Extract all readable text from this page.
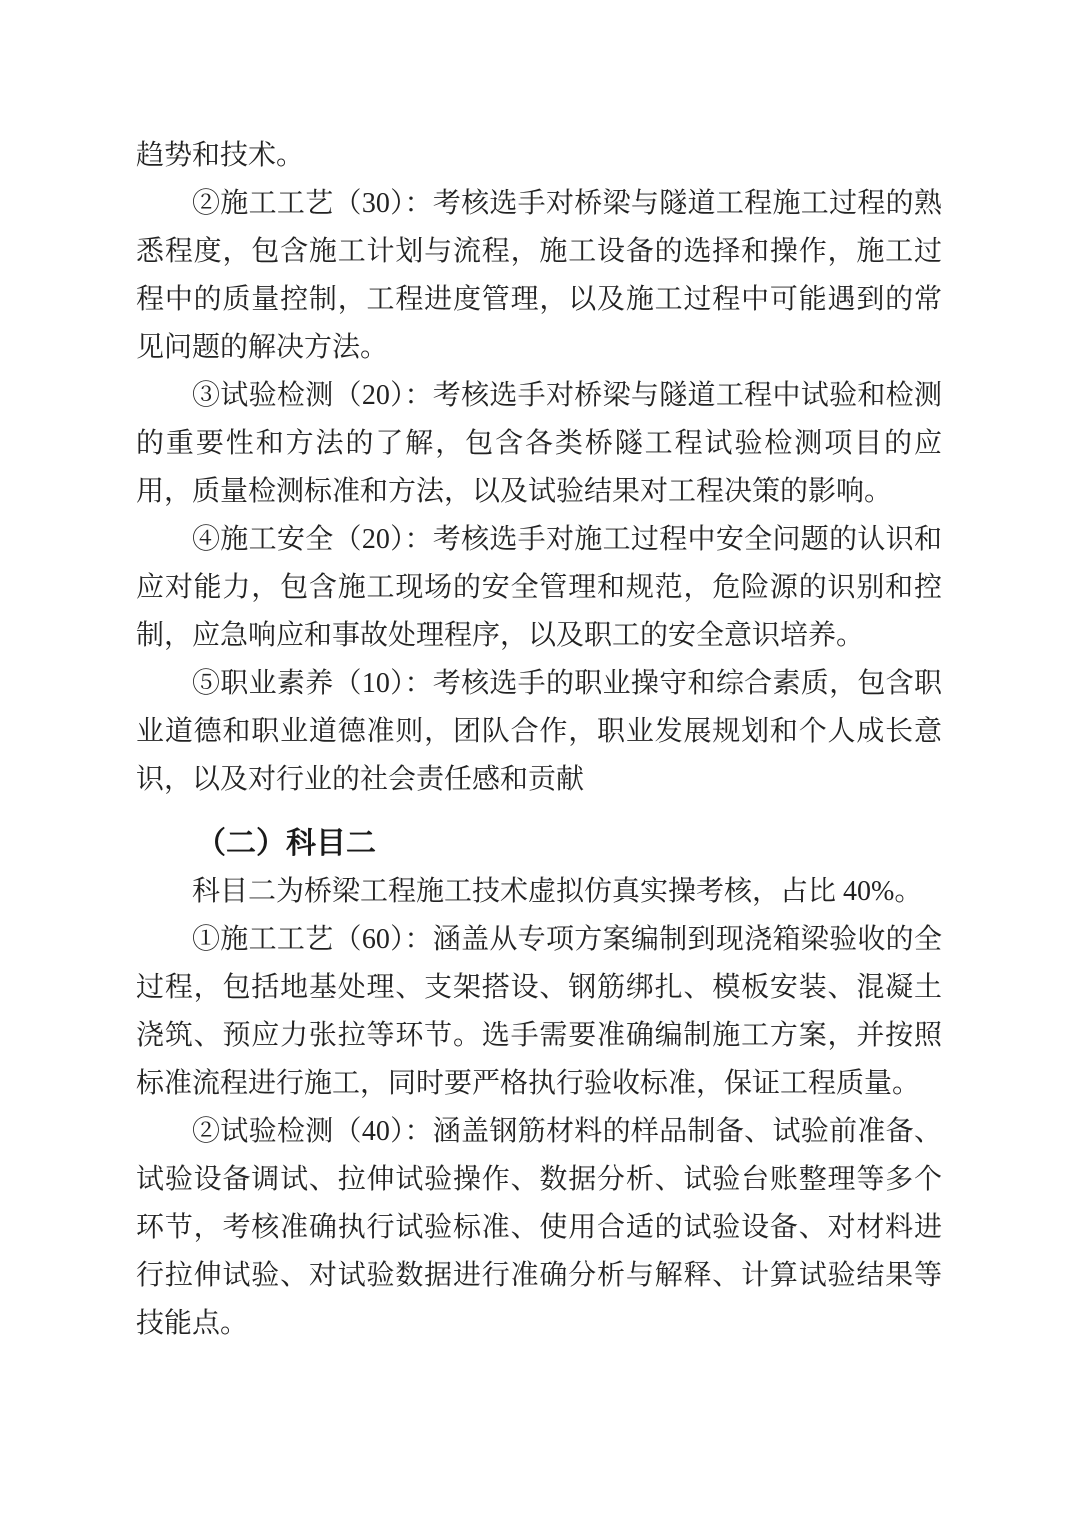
趋势和技术。

②施工工艺（30）：考核选手对桥梁与隧道工程施工过程的熟悉程度，包含施工计划与流程，施工设备的选择和操作，施工过程中的质量控制，工程进度管理，以及施工过程中可能遇到的常见问题的解决方法。

③试验检测（20）：考核选手对桥梁与隧道工程中试验和检测的重要性和方法的了解，包含各类桥隧工程试验检测项目的应用，质量检测标准和方法，以及试验结果对工程决策的影响。

④施工安全（20）：考核选手对施工过程中安全问题的认识和应对能力，包含施工现场的安全管理和规范，危险源的识别和控制，应急响应和事故处理程序，以及职工的安全意识培养。

⑤职业素养（10）：考核选手的职业操守和综合素质，包含职业道德和职业道德准则，团队合作，职业发展规划和个人成长意识，以及对行业的社会责任感和贡献

（二）科目二

科目二为桥梁工程施工技术虚拟仿真实操考核，占比 40%。

①施工工艺（60）：涵盖从专项方案编制到现浇箱梁验收的全过程，包括地基处理、支架搭设、钢筋绑扎、模板安装、混凝土浇筑、预应力张拉等环节。选手需要准确编制施工方案，并按照标准流程进行施工，同时要严格执行验收标准，保证工程质量。

②试验检测（40）：涵盖钢筋材料的样品制备、试验前准备、试验设备调试、拉伸试验操作、数据分析、试验台账整理等多个环节，考核准确执行试验标准、使用合适的试验设备、对材料进行拉伸试验、对试验数据进行准确分析与解释、计算试验结果等技能点。
